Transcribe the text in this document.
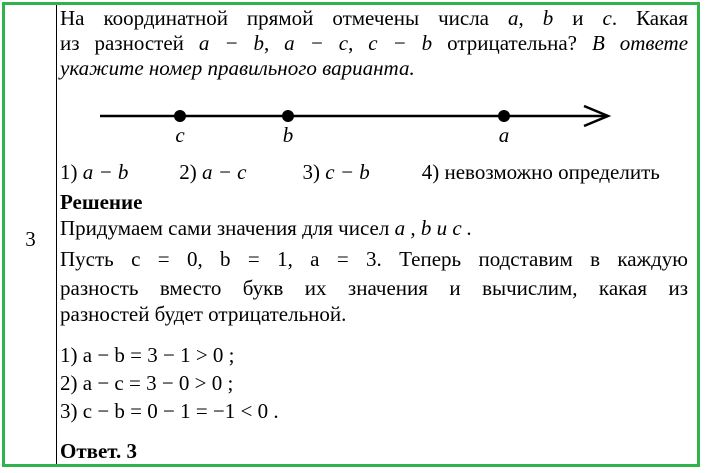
3
На координатной прямой отмечены числа a, b и c. Какая
из разностей a − b, a − c, c − b отрицательна? В ответе
укажите номер правильного варианта.
c	b	a
1) a − b 2) a − c	3) c − b 4) невозможно определить
Решение
Придумаем сами значения для чисел a , b и c .
Пусть c = 0, b = 1, a = 3. Теперь подставим в каждую
разность вместо букв их значения и вычислим, какая из
разностей будет отрицательной.
1) a − b = 3 − 1 > 0 ;
2) a − c = 3 − 0 > 0 ;
3) c − b = 0 − 1 = −1 < 0 .
Ответ. 3
